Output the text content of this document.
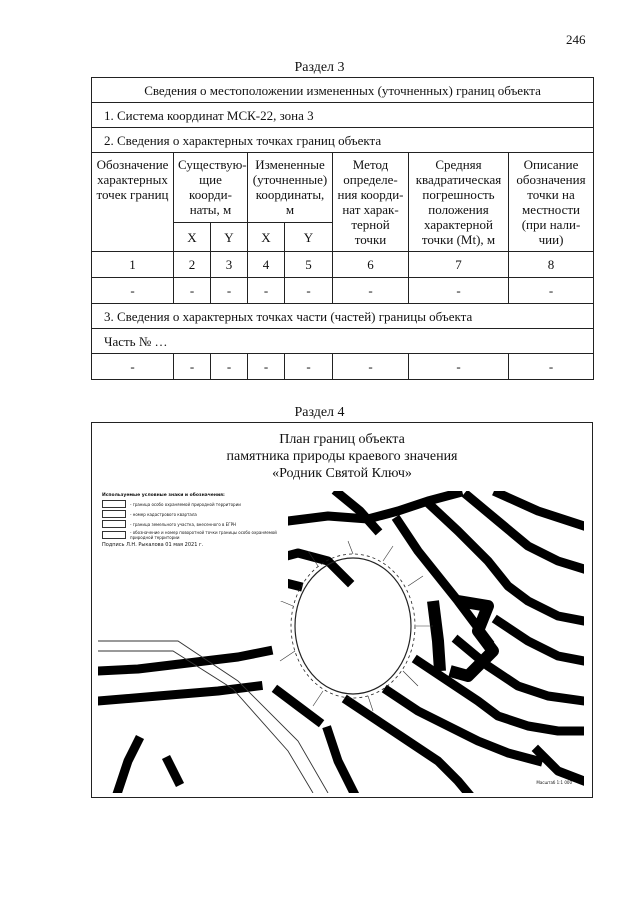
246
Раздел 3
Сведения о местоположении измененных (уточненных) границ объекта							
1. Система координат МСК-22, зона 3							
2. Сведения о характерных точках границ объекта							
Обозначение характерных точек границ	Существую-щие коорди-наты, м		Измененные (уточненные) координаты, м		Метод определе-ния коорди-нат харак-терной точки	Средняя квадратическая погрешность положения характерной точки (Mt), м	Описание обозначения точки на местности (при нали-чии)
	X	Y	X	Y			
1	2	3	4	5	6	7	8
-	-	-	-	-	-	-	-
3. Сведения о характерных точках части (частей) границы объекта							
Часть № …							
-	-	-	-	-	-	-	-
Раздел 4
План границ объекта
памятника природы краевого значения
«Родник Святой Ключ»
Используемые условные знаки и обозначения:
- граница особо охраняемой природной территории
- номер кадастрового квартала
- граница земельного участка, внесенного в ЕГРН
- обозначение и номер поворотной точки границы особо охраняемой природной территории
Подпись Л.Н. Рыкалова 01 мая 2021 г.
Масштаб 1:1 000
